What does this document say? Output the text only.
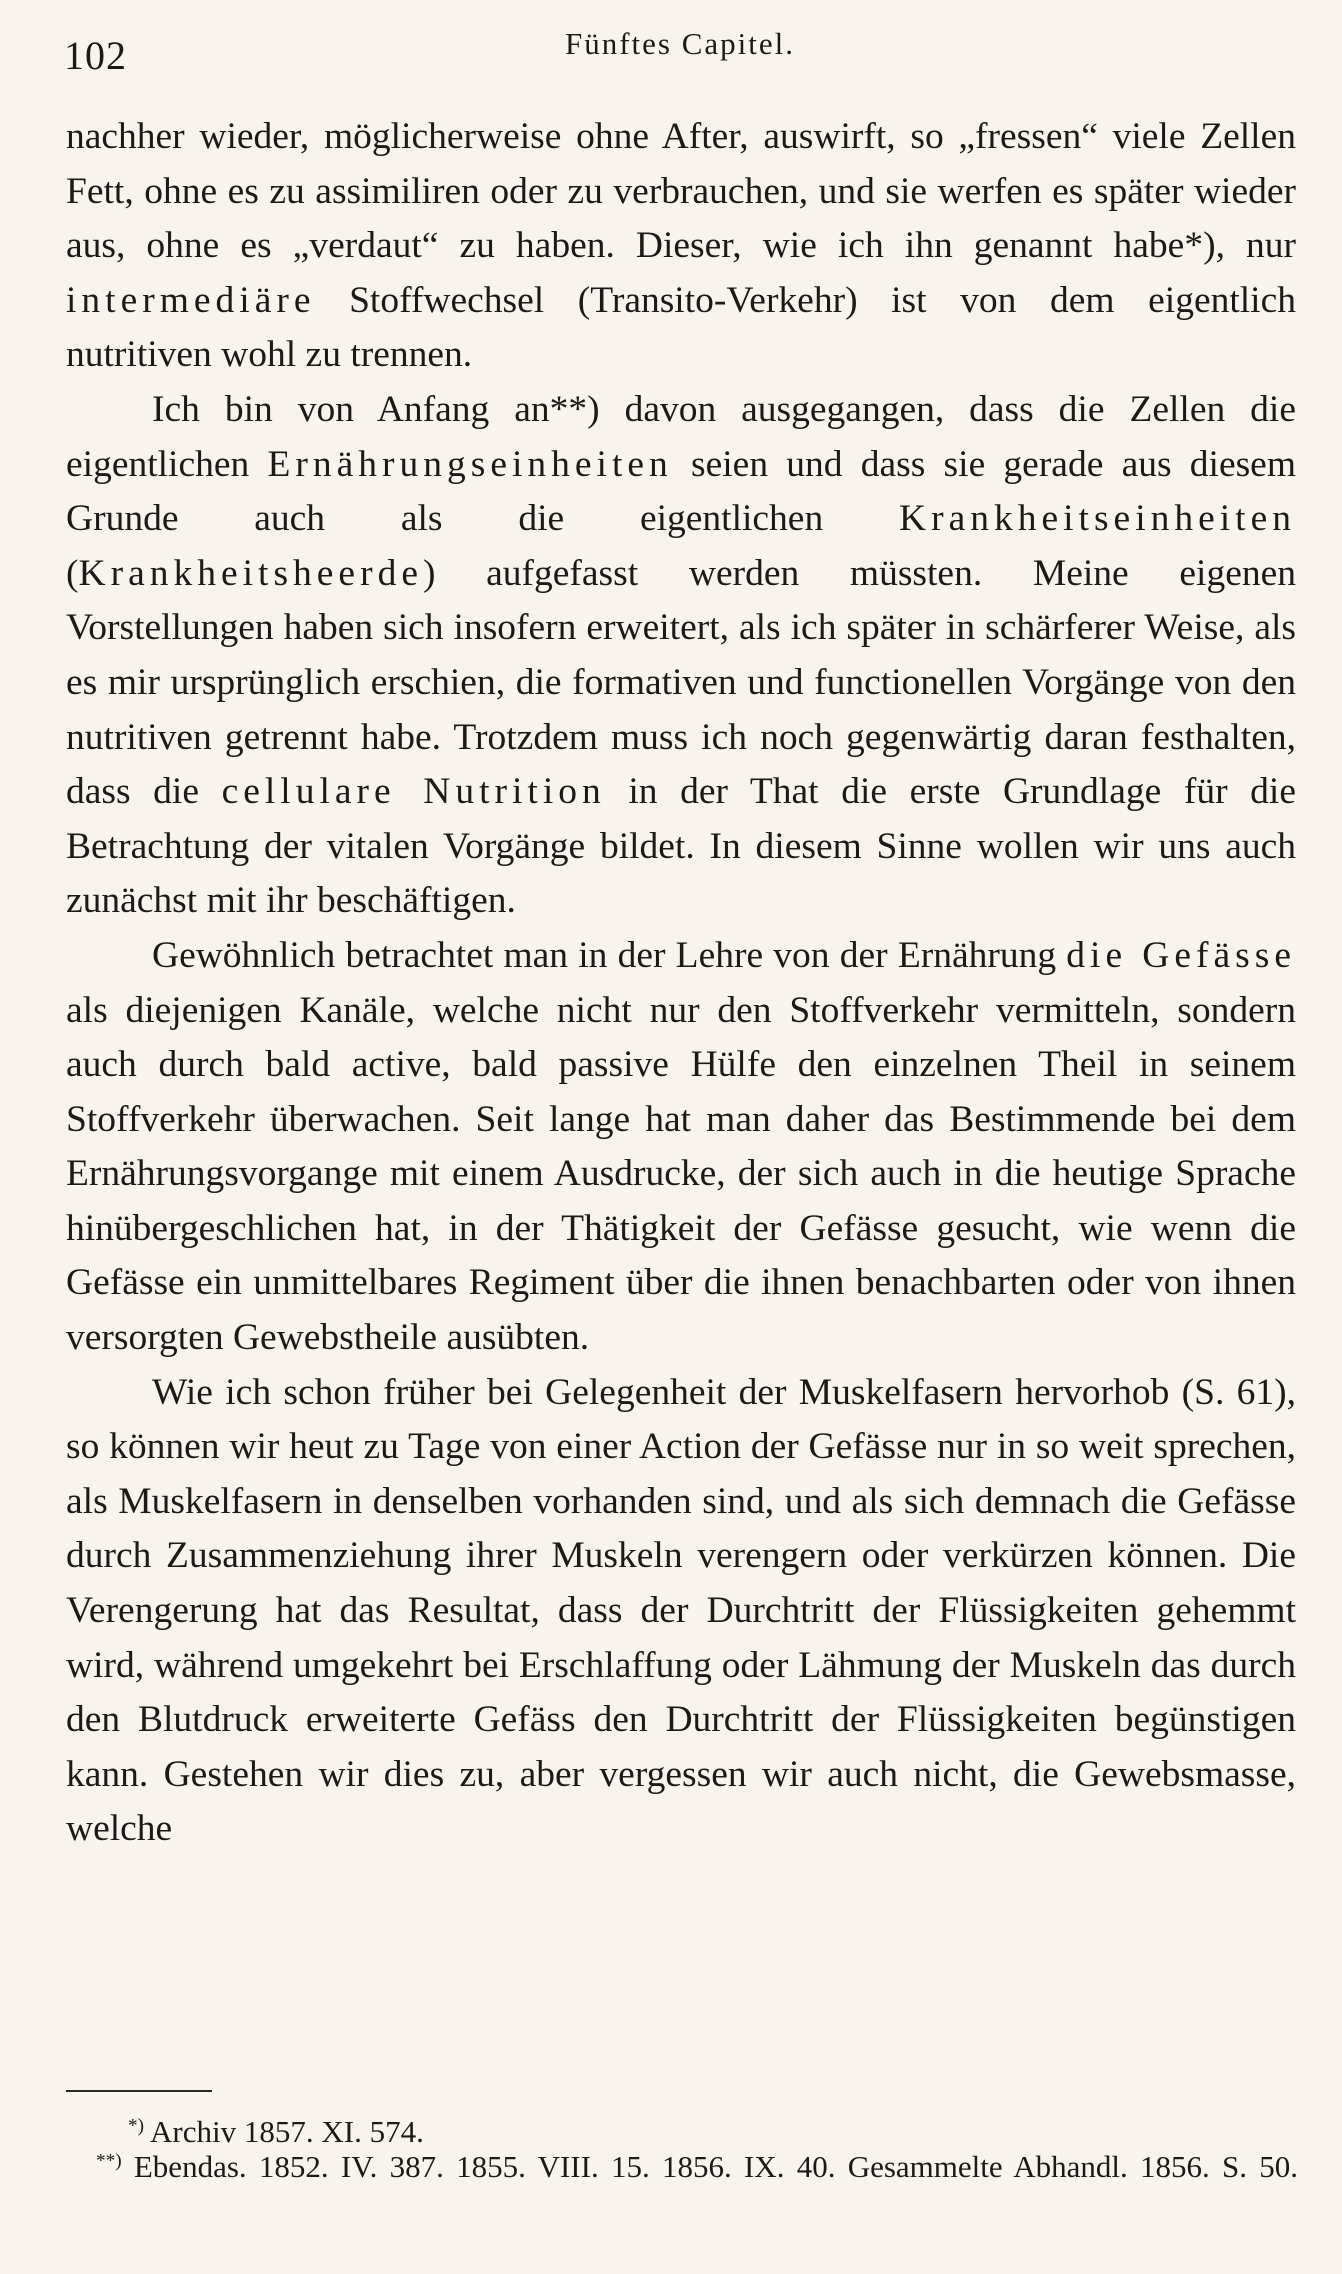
102	Fünftes Capitel.

nachher wieder, möglicherweise ohne After, auswirft, so „fressen“ viele Zellen Fett, ohne es zu assimiliren oder zu verbrauchen, und sie werfen es später wieder aus, ohne es „verdaut“ zu haben. Dieser, wie ich ihn genannt habe*), nur intermediäre Stoffwechsel (Transito-Verkehr) ist von dem eigentlich nutritiven wohl zu trennen.

Ich bin von Anfang an**) davon ausgegangen, dass die Zellen die eigentlichen Ernährungseinheiten seien und dass sie gerade aus diesem Grunde auch als die eigentlichen Krankheitseinheiten (Krankheitsheerde) aufgefasst werden müssten. Meine eigenen Vorstellungen haben sich insofern erweitert, als ich später in schärferer Weise, als es mir ursprünglich erschien, die formativen und functionellen Vorgänge von den nutritiven getrennt habe. Trotzdem muss ich noch gegenwärtig daran festhalten, dass die cellulare Nutrition in der That die erste Grundlage für die Betrachtung der vitalen Vorgänge bildet. In diesem Sinne wollen wir uns auch zunächst mit ihr beschäftigen.

Gewöhnlich betrachtet man in der Lehre von der Ernährung die Gefässe als diejenigen Kanäle, welche nicht nur den Stoffverkehr vermitteln, sondern auch durch bald active, bald passive Hülfe den einzelnen Theil in seinem Stoffverkehr überwachen. Seit lange hat man daher das Bestimmende bei dem Ernährungsvorgange mit einem Ausdrucke, der sich auch in die heutige Sprache hinübergeschlichen hat, in der Thätigkeit der Gefässe gesucht, wie wenn die Gefässe ein unmittelbares Regiment über die ihnen benachbarten oder von ihnen versorgten Gewebstheile ausübten.

Wie ich schon früher bei Gelegenheit der Muskelfasern hervorhob (S. 61), so können wir heut zu Tage von einer Action der Gefässe nur in so weit sprechen, als Muskelfasern in denselben vorhanden sind, und als sich demnach die Gefässe durch Zusammenziehung ihrer Muskeln verengern oder verkürzen können. Die Verengerung hat das Resultat, dass der Durchtritt der Flüssigkeiten gehemmt wird, während umgekehrt bei Erschlaffung oder Lähmung der Muskeln das durch den Blutdruck erweiterte Gefäss den Durchtritt der Flüssigkeiten begünstigen kann. Gestehen wir dies zu, aber vergessen wir auch nicht, die Gewebsmasse, welche

*) Archiv 1857. XI. 574.
**) Ebendas. 1852. IV. 387. 1855. VIII. 15. 1856. IX. 40. Gesammelte Abhandl. 1856. S. 50.
